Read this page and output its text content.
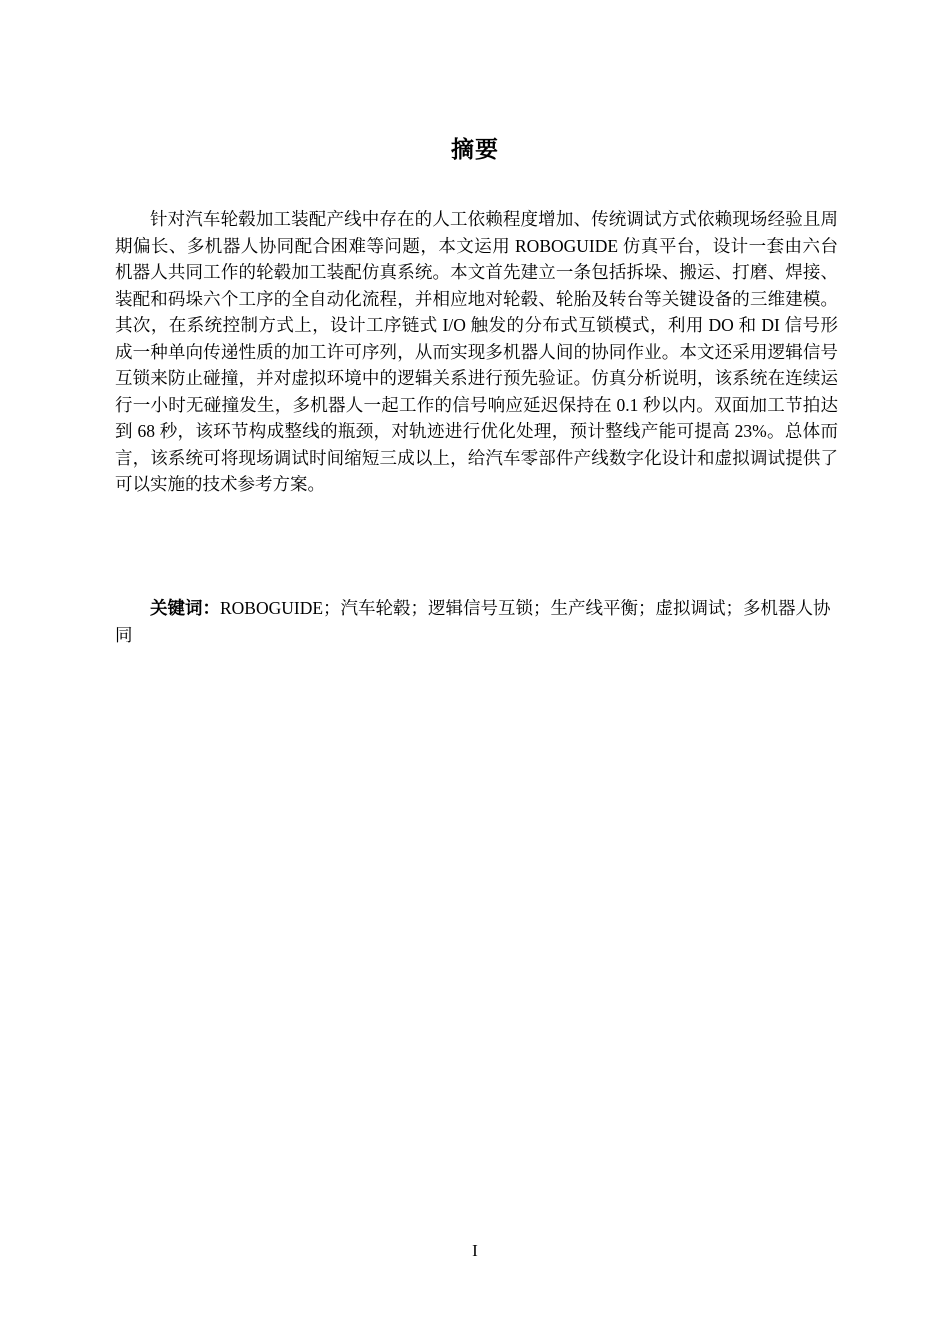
摘要

针对汽车轮毂加工装配产线中存在的人工依赖程度增加、传统调试方式依赖现场经验且周期偏长、多机器人协同配合困难等问题，本文运用 ROBOGUIDE 仿真平台，设计一套由六台机器人共同工作的轮毂加工装配仿真系统。本文首先建立一条包括拆垛、搬运、打磨、焊接、装配和码垛六个工序的全自动化流程，并相应地对轮毂、轮胎及转台等关键设备的三维建模。其次，在系统控制方式上，设计工序链式 I/O 触发的分布式互锁模式，利用 DO 和 DI 信号形成一种单向传递性质的加工许可序列，从而实现多机器人间的协同作业。本文还采用逻辑信号互锁来防止碰撞，并对虚拟环境中的逻辑关系进行预先验证。仿真分析说明，该系统在连续运行一小时无碰撞发生，多机器人一起工作的信号响应延迟保持在 0.1 秒以内。双面加工节拍达到 68 秒，该环节构成整线的瓶颈，对轨迹进行优化处理，预计整线产能可提高 23%。总体而言，该系统可将现场调试时间缩短三成以上，给汽车零部件产线数字化设计和虚拟调试提供了可以实施的技术参考方案。

关键词：ROBOGUIDE；汽车轮毂；逻辑信号互锁；生产线平衡；虚拟调试；多机器人协同

I
